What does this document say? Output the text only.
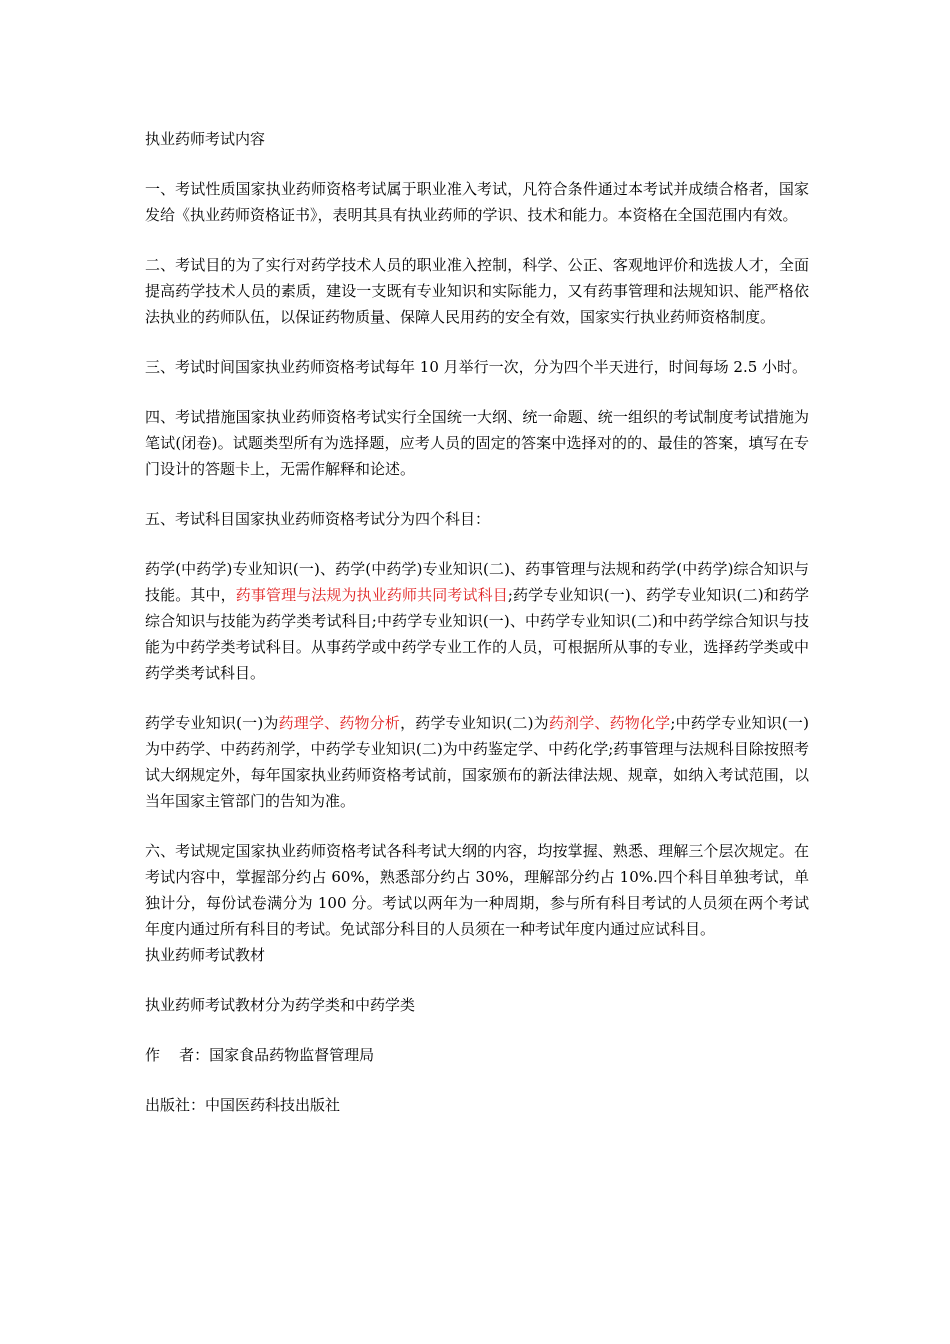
执业药师考试内容

一、考试性质国家执业药师资格考试属于职业准入考试，凡符合条件通过本考试并成绩合格者，国家发给《执业药师资格证书》，表明其具有执业药师的学识、技术和能力。本资格在全国范围内有效。

二、考试目的为了实行对药学技术人员的职业准入控制，科学、公正、客观地评价和选拔人才，全面提高药学技术人员的素质，建设一支既有专业知识和实际能力，又有药事管理和法规知识、能严格依法执业的药师队伍，以保证药物质量、保障人民用药的安全有效，国家实行执业药师资格制度。

三、考试时间国家执业药师资格考试每年 10 月举行一次，分为四个半天进行，时间每场 2.5 小时。

四、考试措施国家执业药师资格考试实行全国统一大纲、统一命题、统一组织的考试制度考试措施为笔试(闭卷)。试题类型所有为选择题，应考人员的固定的答案中选择对的的、最佳的答案，填写在专门设计的答题卡上，无需作解释和论述。

五、考试科目国家执业药师资格考试分为四个科目：

药学(中药学)专业知识(一)、药学(中药学)专业知识(二)、药事管理与法规和药学(中药学)综合知识与技能。其中，药事管理与法规为执业药师共同考试科目;药学专业知识(一)、药学专业知识(二)和药学综合知识与技能为药学类考试科目;中药学专业知识(一)、中药学专业知识(二)和中药学综合知识与技能为中药学类考试科目。从事药学或中药学专业工作的人员，可根据所从事的专业，选择药学类或中药学类考试科目。

药学专业知识(一)为药理学、药物分析，药学专业知识(二)为药剂学、药物化学;中药学专业知识(一)为中药学、中药药剂学，中药学专业知识(二)为中药鉴定学、中药化学;药事管理与法规科目除按照考试大纲规定外，每年国家执业药师资格考试前，国家颁布的新法律法规、规章，如纳入考试范围，以当年国家主管部门的告知为准。

六、考试规定国家执业药师资格考试各科考试大纲的内容，均按掌握、熟悉、理解三个层次规定。在考试内容中，掌握部分约占 60%，熟悉部分约占 30%，理解部分约占 10%.四个科目单独考试，单独计分，每份试卷满分为 100 分。考试以两年为一种周期，参与所有科目考试的人员须在两个考试年度内通过所有科目的考试。免试部分科目的人员须在一种考试年度内通过应试科目。

执业药师考试教材

执业药师考试教材分为药学类和中药学类

作    者：国家食品药物监督管理局

出版社：中国医药科技出版社
